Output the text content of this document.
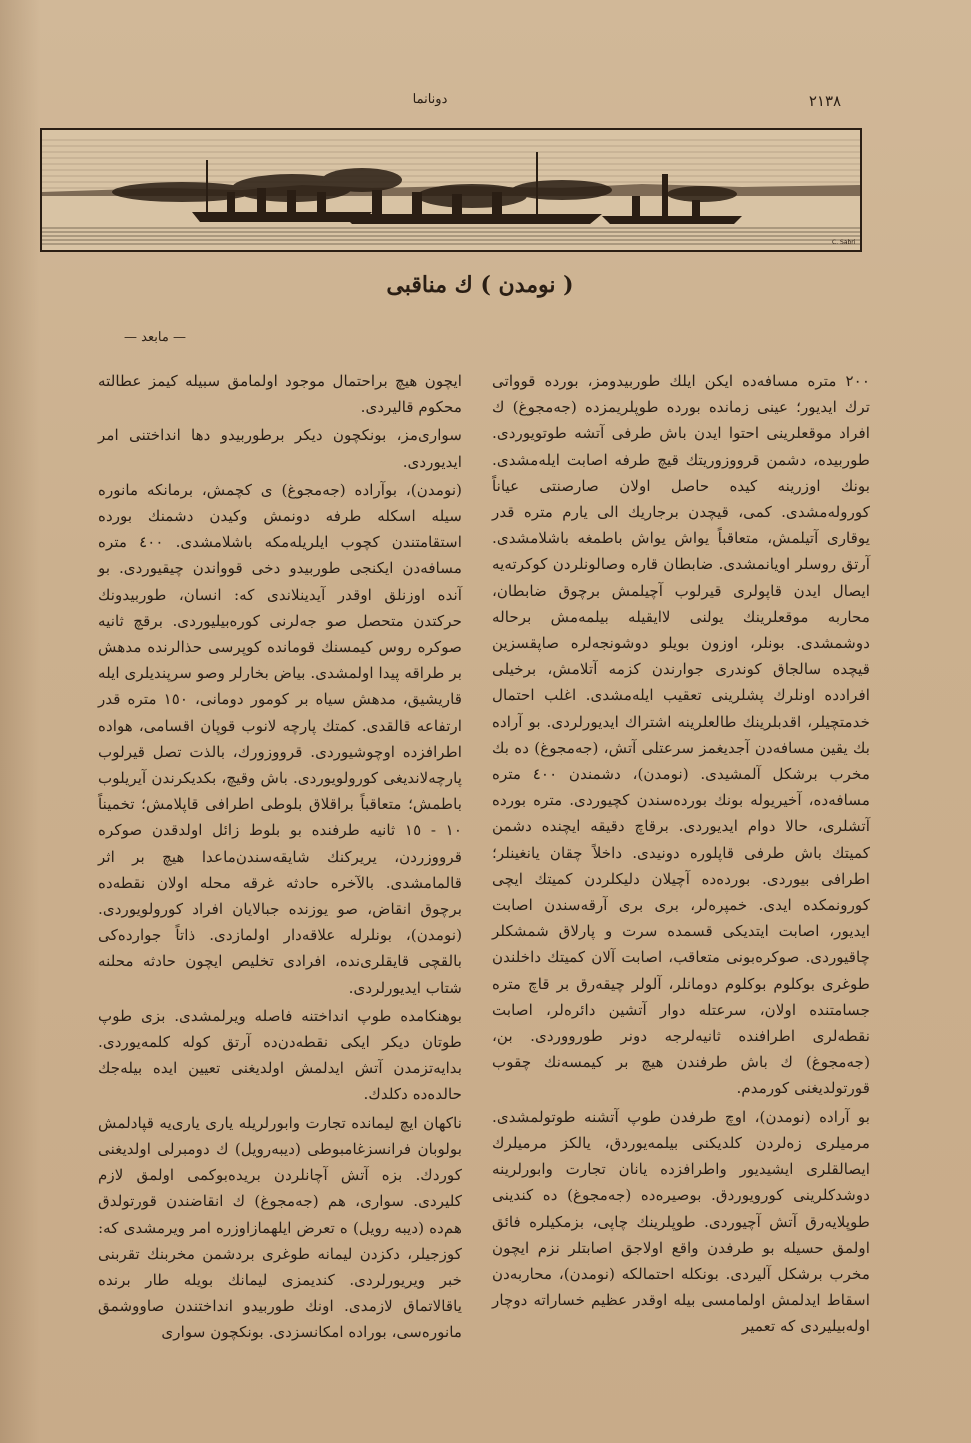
٢١٣٨
دونانما
C. Sabri
( نومدن ) ك مناقبى
— مابعد —

٢٠٠ متره مسافه‌ده ايكن ايلك طوربيدومز، بورده قوواتى ترك ايديور؛ عينى زمانده بورده طوپلريمزده (جەمجوغ) ك افراد موقعلرينى احتوا ايدن باش طرفى آتشه طوتويوردى. طوربيده، دشمن قرووزوريتك قيچ طرفه اصابت ايله‌مشدى. بونك اوزرينه كيده حاصل اولان صارصنتى عياناً كوروله‌مشدى. كمى، قيچدن برجاريك الى يارم متره قدر يوقارى آتيلمش، متعاقباً يواش يواش باطمغه باشلامشدى. آرتق روسلر اويانمشدى. ضابطان قاره وصالونلردن كوكرته‌يه ايصال ايدن قاپولرى قيرلوب آچيلمش برچوق ضابطان، محاربه موقعلرينك يولنى لاايقيله بيلمه‌مش برحاله دوشمشدى. بونلر، اوزون بويلو دوشونجه‌لره صاپقسزين قيچده سالجاق كوندرى جوارندن كزمه آتلامش، برخيلى افرادده اونلرك پشلرينى تعقيب ايله‌مشدى. اغلب احتمال خدمتچيلر، اقدبلرينك طالعلرينه اشتراك ايديورلردى. بو آراده بك يقين مسافه‌دن آجديغمز سرعتلى آتش، (جەمجوغ) ده بك مخرب برشكل آلمشيدى. (نومدن)، دشمندن ٤٠٠ متره مسافه‌ده، آخيريوله بونك بورده‌سندن كچيوردى. متره بورده آتشلرى، حالا دوام ايديوردى. برقاچ دقيقه ايچنده دشمن كميتك باش طرفى قاپلوره دونيدى. داخلاً چقان يانغينلر؛ اطرافى بيوردى. بورده‌ده آچيلان دليكلردن كميتك ايچى كورونمكده ايدى. خمپره‌لر، برى برى آرقه‌سندن اصابت ايديور، اصابت ايتديكى قسمده سرت و پارلاق شمشكلر چاقيوردى. صوكره‌بونى متعاقب، اصابت آلان كميتك داخلندن طوغرى بوكلوم بوكلوم دومانلر، آلولر چيقه‌رق بر قاچ متره جسامتنده اولان، سرعتله دوار آتشين دائره‌لر، اصابت نقطه‌لرى اطرافنده ثانيه‌لرجه دونر طورووردى. بن، (جەمجوغ) ك باش طرفندن هيچ بر كيمسه‌نك چقوب قورتولديغنى كورمدم.

بو آراده (نومدن)، اوچ طرفدن طوپ آتشنه طوتولمشدى. مرميلرى زه‌لردن كلديكنى بيلمه‌يوردق، يالكز مرميلرك ايصالقلرى ايشيديور واطرافزده يانان تجارت وابورلرينه دوشدكلرينى كورويوردق. بوصيره‌ده (جەمجوغ) ده كندينى طوپلايه‌رق آتش آچيوردى. طوپلرينك چاپى، بزمكيلره فائق اولمق حسيله بو طرفدن واقع اولاجق اصابتلر نزم ايچون مخرب برشكل آليردى. بونكله احتمالكه (نومدن)، محاربه‌دن اسقاط ايدلمش اولمامسى بيله اوقدر عظيم خساراته دوچار اوله‌بيليردى كه تعمير

ايچون هيچ براحتمال موجود اولمامق سبيله كيمز عطالته محكوم قاليردى.

سوارى‌مز، بونكچون ديكر برطوربيدو دها انداختنى امر ايديوردى.

(نومدن)، بوآراده (جەمجوغ) ى كچمش، برمانكه مانوره سيله اسكله طرفه دونمش وكيدن دشمنك بورده استقامتندن كچوب ايلريله‌مكه باشلامشدى. ٤٠٠ متره مسافه‌دن ايكنجى طوربيدو دخى قوواندن چيقيوردى. بو آنده اوزنلق اوقدر آيدينلاندى كه: انسان، طوربيدونك حركتدن متحصل صو جه‌لرنى كوره‌بيليوردى. برقچ ثانيه صوكره روس كيمسنك قومانده كوپرسى حذالرنده مدهش بر طراقه پيدا اولمشدى. بياض بخارلر وصو سرپنديلرى ايله قاريشيق، مدهش سياه بر كومور دومانى، ١٥٠ متره قدر ارتفاعه قالقدى. كمتك پارچه لانوب قوپان اقسامى، هواده اطرافزده اوچوشيوردى. قرووزورك، بالذت تصل قيرلوب پارچه‌لانديغى كورولويوردى. باش وقيچ، بكديكرندن آيريلوب باطمش؛ متعاقباً براقلاق بلوطى اطرافى قاپلامش؛ تخميناً ١٠ - ١٥ ثانيه طرفنده بو بلوط زائل اولدقدن صوكره قرووزردن، يريركنك شايقه‌سندن‌ماعدا هيچ بر اثر قالمامشدى. بالآخره حادثه غرقه محله اولان نقطه‌ده برچوق انقاض، صو يوزنده جبالايان افراد كورولويوردى. (نومدن)، بونلرله علاقه‌دار اولمازدى. ذاتاً جوارده‌كى بالقچى قايقلرى‌نده، افرادى تخليص ايچون حادثه محلنه شتاب ايديورلردى.

بوهنكامده طوپ انداختنه فاصله ويرلمشدى. بزى طوپ طوتان ديكر ايكى نقطه‌دن‌ده آرتق كوله كلمه‌يوردى. بدايه‌تزمدن آتش ايدلمش اولديغنى تعيين ايده بيله‌جك حالده‌ده دكلدك.

ناكهان ايچ ليمانده تجارت وابورلريله يارى يارى‌يه قپادلمش بولوبان فرانسزغامبوطى (ديبه‌رويل) ك دومبرلى اولديغنى كوردك. بزه آتش آچانلردن بريده‌بوكمى اولمق لازم كليردى. سوارى، هم (جەمجوغ) ك انقاضندن قورتولدق هم‌ده (ديبه رويل) ه تعرض ايلهمازاوزره امر ويرمشدى كه: كوزجيلر، دكزدن ليمانه طوغرى بردشمن مخربنك تقربنى خبر ويريورلردى. كنديمزى ليمانك بويله طار برنده ياقالاتماق لازمدى. اونك طوربيدو انداختندن صاووشمق مانوره‌سى، بوراده امكانسزدى. بونكچون سوارى
